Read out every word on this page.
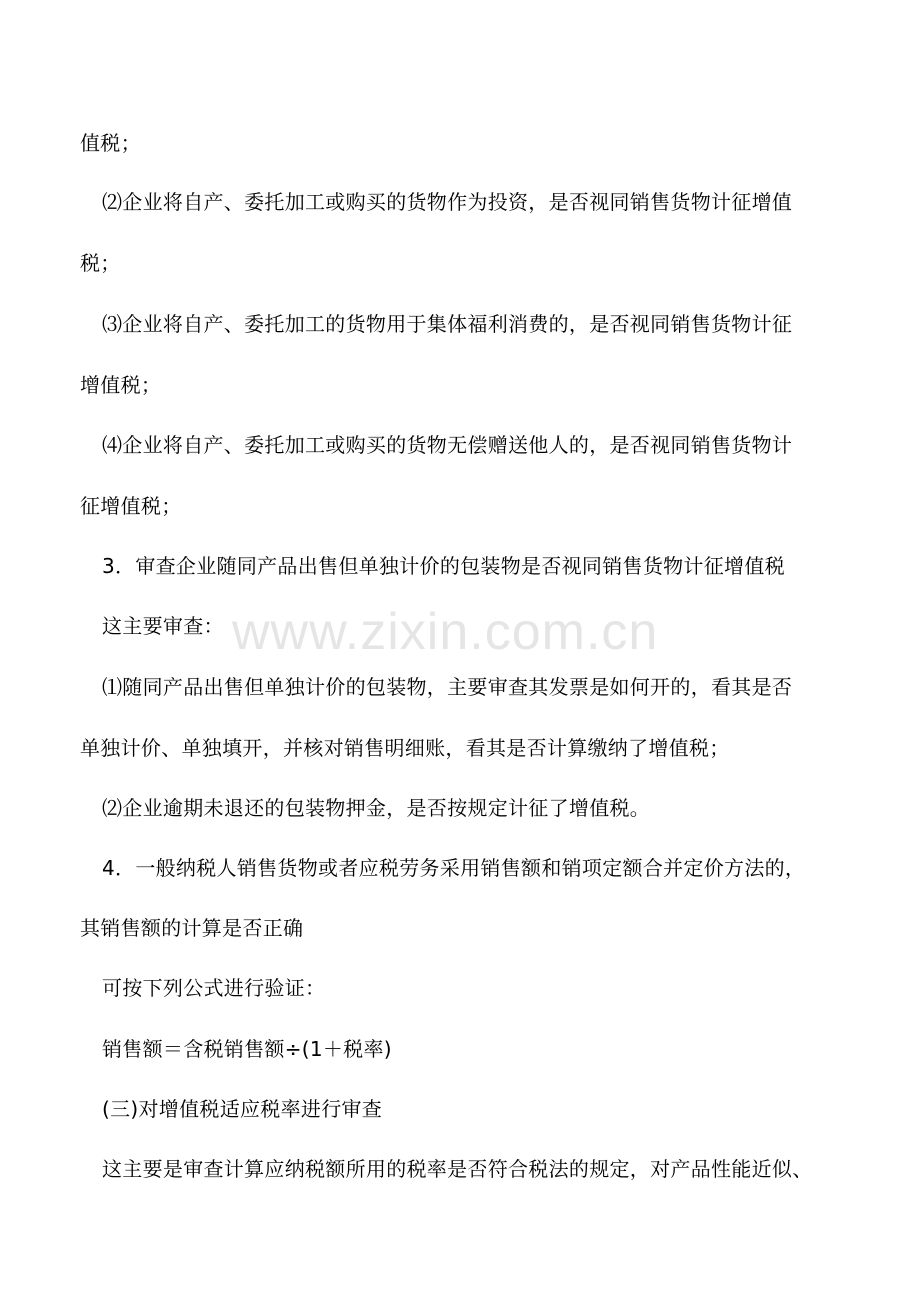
值税；
⑵企业将自产、委托加工或购买的货物作为投资，是否视同销售货物计征增值
税；
⑶企业将自产、委托加工的货物用于集体福利消费的，是否视同销售货物计征
增值税；
⑷企业将自产、委托加工或购买的货物无偿赠送他人的，是否视同销售货物计
征增值税；
3．审查企业随同产品出售但单独计价的包装物是否视同销售货物计征增值税
这主要审查：
⑴随同产品出售但单独计价的包装物，主要审查其发票是如何开的，看其是否
单独计价、单独填开，并核对销售明细账，看其是否计算缴纳了增值税；
⑵企业逾期未退还的包装物押金，是否按规定计征了增值税。
4．一般纳税人销售货物或者应税劳务采用销售额和销项定额合并定价方法的，
其销售额的计算是否正确
可按下列公式进行验证：
销售额＝含税销售额÷(1＋税率)
(三)对增值税适应税率进行审查
这主要是审查计算应纳税额所用的税率是否符合税法的规定，对产品性能近似、
www.zixin.com.cn
